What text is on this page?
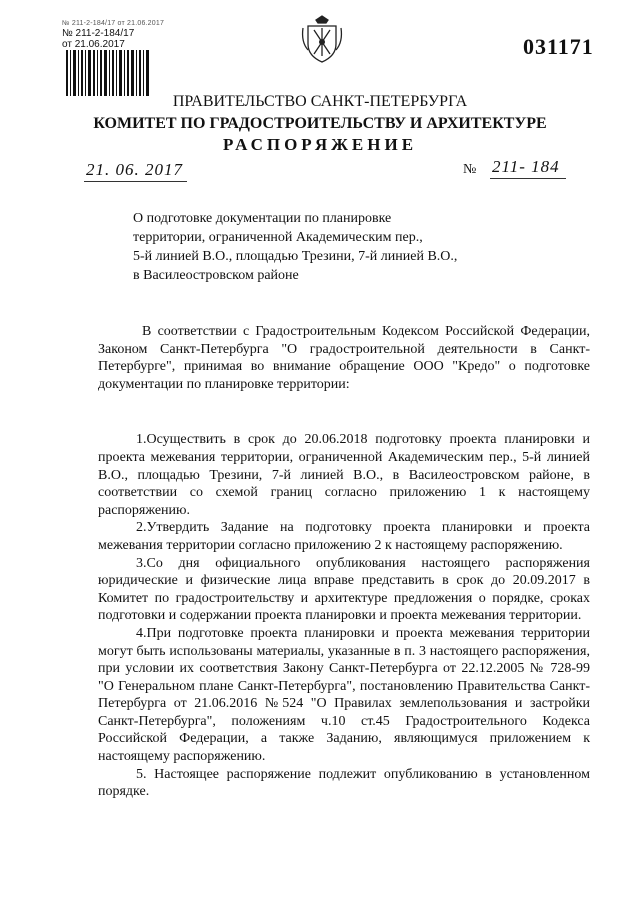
№ 211-2-184/17 от 21.06.2017
№ 211-2-184/17
от 21.06.2017	031171
ПРАВИТЕЛЬСТВО САНКТ-ПЕТЕРБУРГА
КОМИТЕТ ПО ГРАДОСТРОИТЕЛЬСТВУ И АРХИТЕКТУРЕ
РАСПОРЯЖЕНИЕ
21. 06. 2017	№ 211- 184
О подготовке документации по планировке
территории, ограниченной Академическим пер.,
5-й линией В.О., площадью Трезини, 7-й линией В.О.,
в Василеостровском районе

В соответствии с Градостроительным Кодексом Российской Федерации, Законом Санкт-Петербурга "О градостроительной деятельности в Санкт-Петербурге", принимая во внимание обращение ООО "Кредо" о подготовке документации по планировке территории:

1.Осуществить в срок до 20.06.2018 подготовку проекта планировки и проекта межевания территории, ограниченной Академическим пер., 5-й линией В.О., площадью Трезини, 7-й линией В.О., в Василеостровском районе, в соответствии со схемой границ согласно приложению 1 к настоящему распоряжению.

2.Утвердить Задание на подготовку проекта планировки и проекта межевания территории согласно приложению 2 к настоящему распоряжению.

3.Со дня официального опубликования настоящего распоряжения юридические и физические лица вправе представить в срок до 20.09.2017 в Комитет по градостроительству и архитектуре предложения о порядке, сроках подготовки и содержании проекта планировки и проекта межевания территории.

4.При подготовке проекта планировки и проекта межевания территории могут быть использованы материалы, указанные в п. 3 настоящего распоряжения, при условии их соответствия Закону Санкт-Петербурга от 22.12.2005 № 728-99 "О Генеральном плане Санкт-Петербурга", постановлению Правительства Санкт-Петербурга от 21.06.2016 №524 "О Правилах землепользования и застройки Санкт-Петербурга", положениям ч.10 ст.45 Градостроительного Кодекса Российской Федерации, а также Заданию, являющимуся приложением к настоящему распоряжению.

5. Настоящее распоряжение подлежит опубликованию в установленном порядке.
